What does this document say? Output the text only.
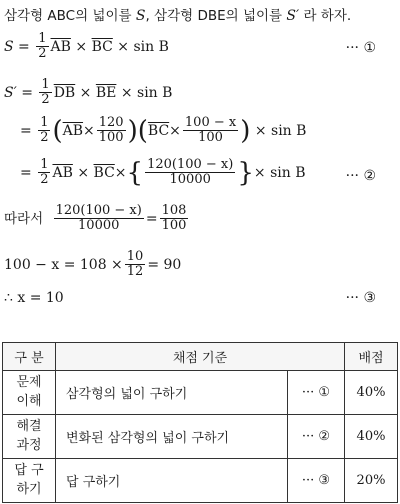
삼각형 ABC의 넓이를 S, 삼각형 DBE의 넓이를 S′ 라 하자.
$S = \frac{1}{2} \overline{AB} \times \overline{BC} \times \sin B$	··· ①
$S' = \frac{1}{2} \overline{DB} \times \overline{BE} \times \sin B$
= $\frac{1}{2} (\overline{AB}\times \frac{120}{100} )(\overline{BC}\times \frac{100 - x}{100}$ ) × sin B
= $\frac{1}{2} \overline{AB} \times \overline{BC}\times\{ \frac{120(100 - x)}{10000}$ }× sin B	··· ②
따라서 $\frac{120(100 - x)}{10000} = \frac{108}{100}$
$100 - x = 108 \times \frac{10}{12} = 90$
∴ x = 10	··· ③
구 분	채점 기준		배점
문제
이해	삼각형의 넓이 구하기	··· ①	40%
해결
과정	변화된 삼각형의 넓이 구하기	··· ②	40%
답 구
하기	답 구하기	··· ③	20%
